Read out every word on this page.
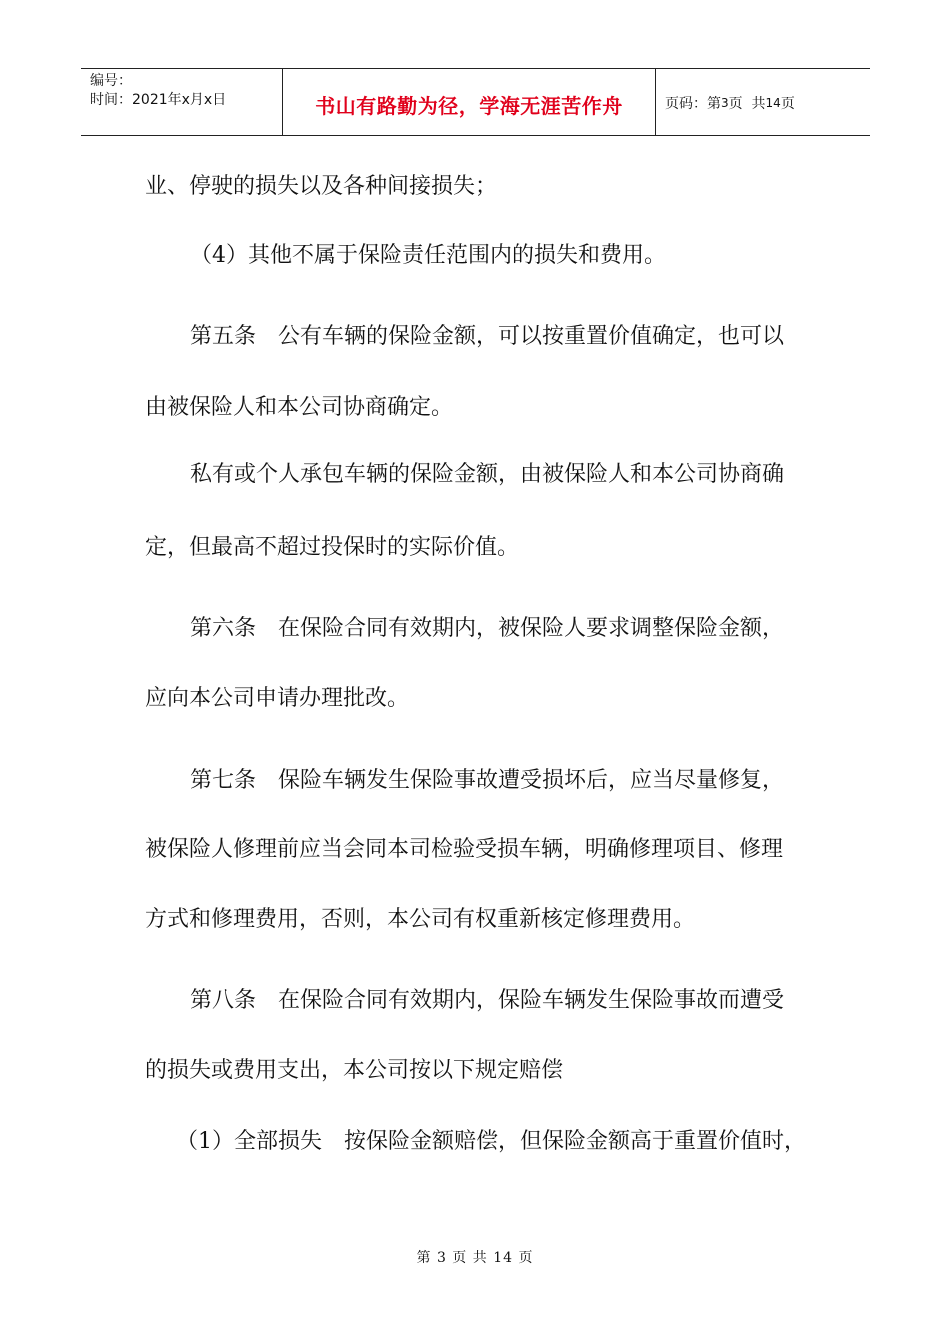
编号：
时间：2021年x月x日	书山有路勤为径，学海无涯苦作舟	页码：第 3 页  共 14 页

业、停驶的损失以及各种间接损失；

（4）其他不属于保险责任范围内的损失和费用。

第五条　公有车辆的保险金额，可以按重置价值确定，也可以

由被保险人和本公司协商确定。

私有或个人承包车辆的保险金额，由被保险人和本公司协商确

定，但最高不超过投保时的实际价值。

第六条　在保险合同有效期内，被保险人要求调整保险金额，

应向本公司申请办理批改。

第七条　保险车辆发生保险事故遭受损坏后，应当尽量修复，

被保险人修理前应当会同本司检验受损车辆，明确修理项目、修理

方式和修理费用，否则，本公司有权重新核定修理费用。

第八条　在保险合同有效期内，保险车辆发生保险事故而遭受

的损失或费用支出，本公司按以下规定赔偿

（1）全部损失　按保险金额赔偿，但保险金额高于重置价值时，

第 3 页 共 14 页
